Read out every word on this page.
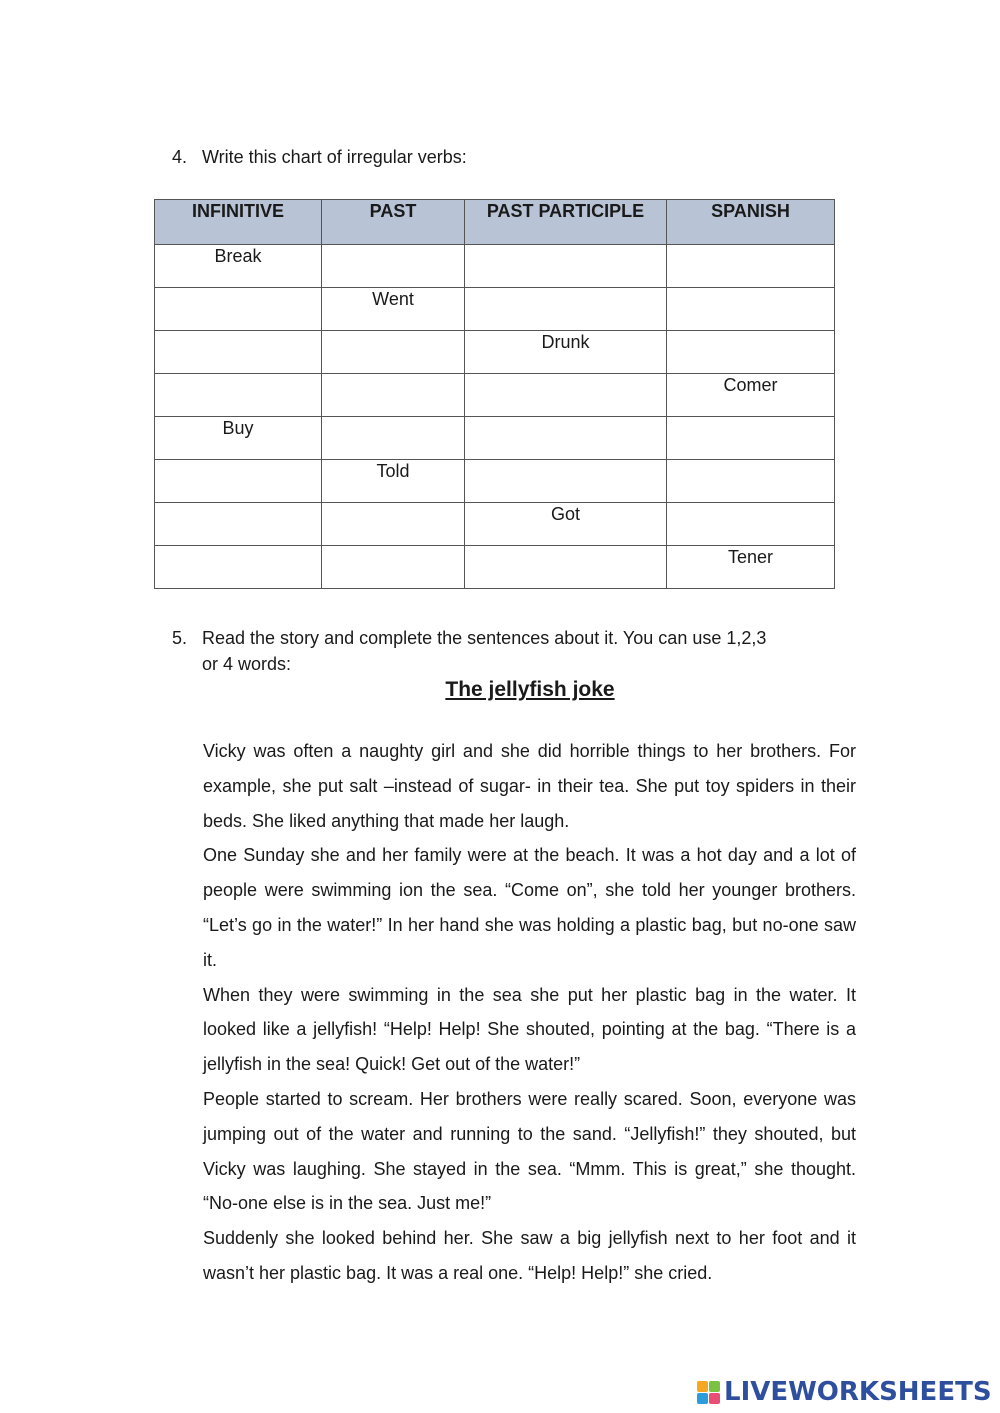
4. Write this chart of irregular verbs:
INFINITIVE	PAST	PAST PARTICIPLE	SPANISH
Break			
	Went		
		Drunk	
			Comer
Buy			
	Told		
		Got	
			Tener
5. Read the story and complete the sentences about it. You can use 1,2,3
or 4 words:
The jellyfish joke

Vicky was often a naughty girl and she did horrible things to her brothers. For example, she put salt –instead of sugar- in their tea. She put toy spiders in their beds. She liked anything that made her laugh.

One Sunday she and her family were at the beach. It was a hot day and a lot of people were swimming ion the sea. “Come on”, she told her younger brothers. “Let’s go in the water!” In her hand she was holding a plastic bag, but no-one saw it.

When they were swimming in the sea she put her plastic bag in the water. It looked like a jellyfish! “Help! Help! She shouted, pointing at the bag. “There is a jellyfish in the sea! Quick! Get out of the water!”

People started to scream. Her brothers were really scared. Soon, everyone was jumping out of the water and running to the sand. “Jellyfish!” they shouted, but Vicky was laughing. She stayed in the sea. “Mmm. This is great,” she thought. “No-one else is in the sea. Just me!”

Suddenly she looked behind her. She saw a big jellyfish next to her foot and it wasn’t her plastic bag. It was a real one. “Help! Help!” she cried.

LIVEWORKSHEETS
